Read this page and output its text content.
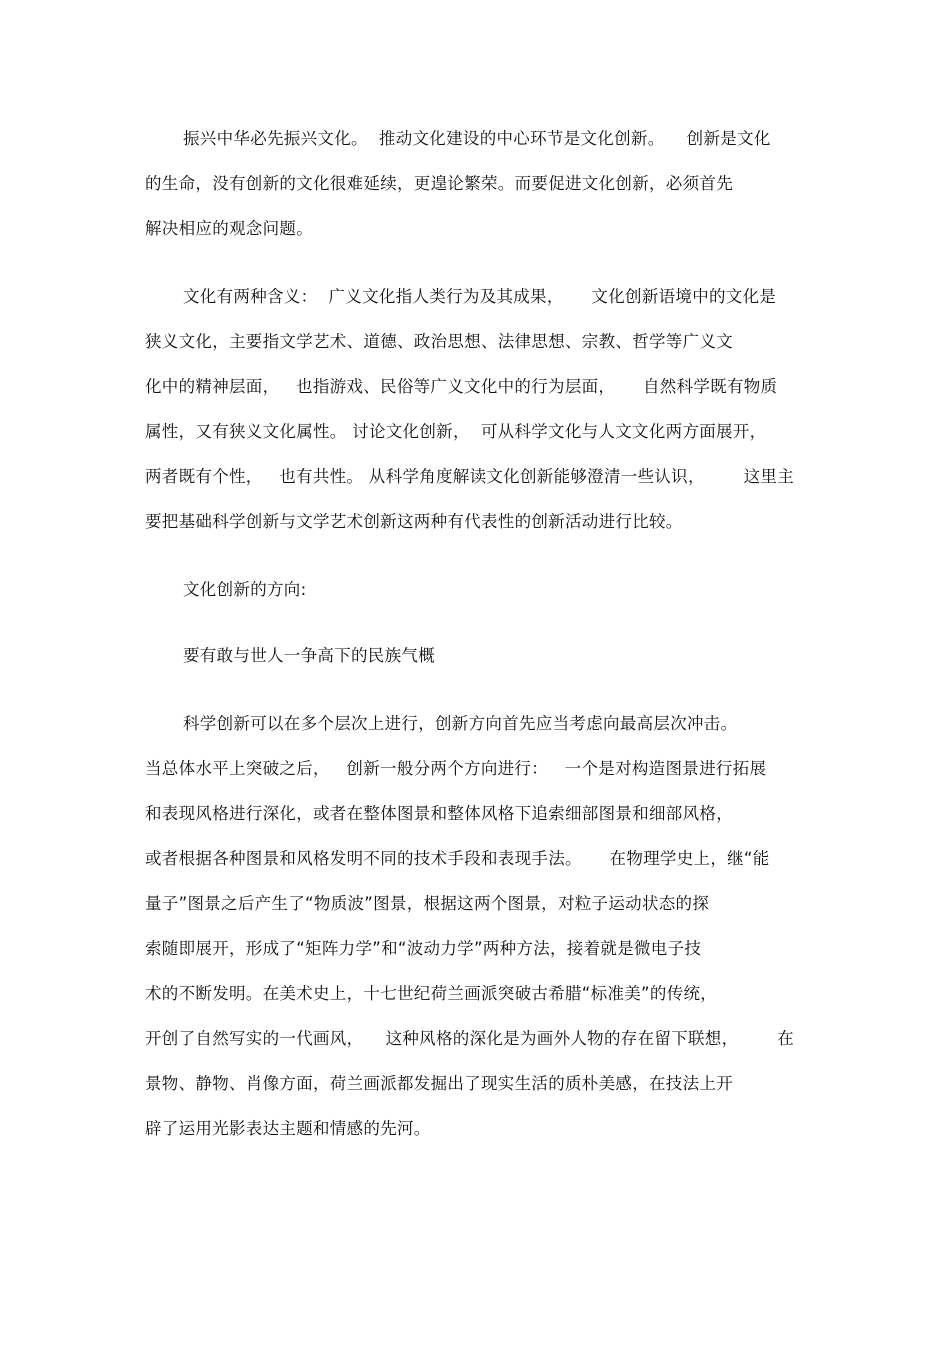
振兴中华必先振兴文化。  推动文化建设的中心环节是文化创新。    创新是文化
的生命，没有创新的文化很难延续，更遑论繁荣。而要促进文化创新，必须首先
解决相应的观念问题。
文化有两种含义：  广义文化指人类行为及其成果，     文化创新语境中的文化是
狭义文化，主要指文学艺术、道德、政治思想、法律思想、宗教、哲学等广义文
化中的精神层面，   也指游戏、民俗等广义文化中的行为层面，     自然科学既有物质
属性，又有狭义文化属性。 讨论文化创新，  可从科学文化与人文文化两方面展开，
两者既有个性，   也有共性。 从科学角度解读文化创新能够澄清一些认识，       这里主
要把基础科学创新与文学艺术创新这两种有代表性的创新活动进行比较。
文化创新的方向:
要有敢与世人一争高下的民族气概
科学创新可以在多个层次上进行，创新方向首先应当考虑向最高层次冲击。
当总体水平上突破之后，   创新一般分两个方向进行：   一个是对构造图景进行拓展
和表现风格进行深化，或者在整体图景和整体风格下追索细部图景和细部风格，
或者根据各种图景和风格发明不同的技术手段和表现手法。     在物理学史上，继“能
量子”图景之后产生了“物质波”图景，根据这两个图景，对粒子运动状态的探
索随即展开，形成了“矩阵力学”和“波动力学”两种方法，接着就是微电子技
术的不断发明。在美术史上，十七世纪荷兰画派突破古希腊“标准美”的传统，
开创了自然写实的一代画风，    这种风格的深化是为画外人物的存在留下联想，       在
景物、静物、肖像方面，荷兰画派都发掘出了现实生活的质朴美感，在技法上开
辟了运用光影表达主题和情感的先河。
